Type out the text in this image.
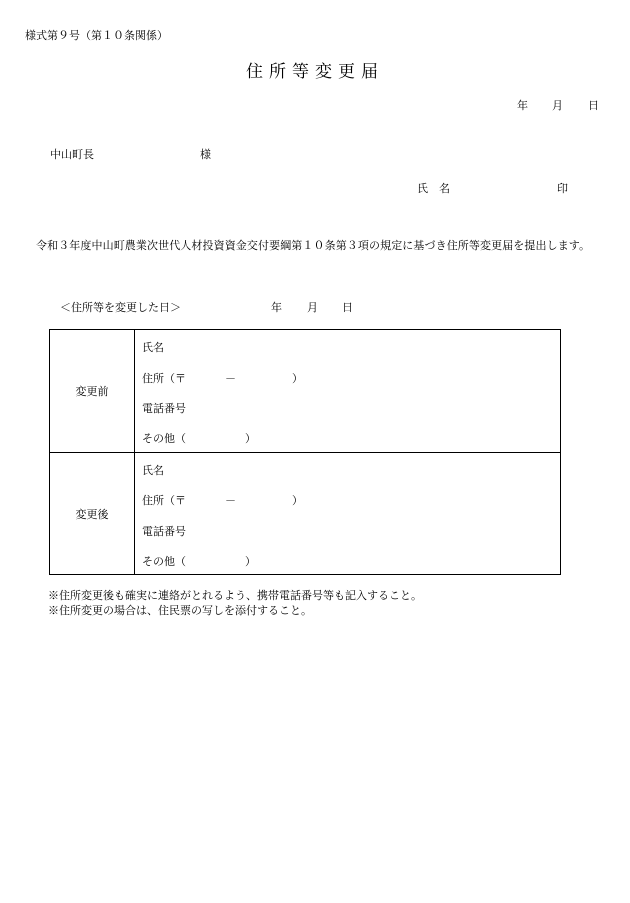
様式第９号（第１０条関係）
住所等変更届
年 月 日
中山町長	様
氏　名	印
令和３年度中山町農業次世代人材投資資金交付要綱第１０条第３項の規定に基づき住所等変更届を提出します。
＜住所等を変更した日＞	年 月 日
変更前
氏名
住所（〒	－	）
電話番号
その他（	）
変更後
氏名
住所（〒	－	）
電話番号
その他（	）
※住所変更後も確実に連絡がとれるよう、携帯電話番号等も記入すること。
※住所変更の場合は、住民票の写しを添付すること。
